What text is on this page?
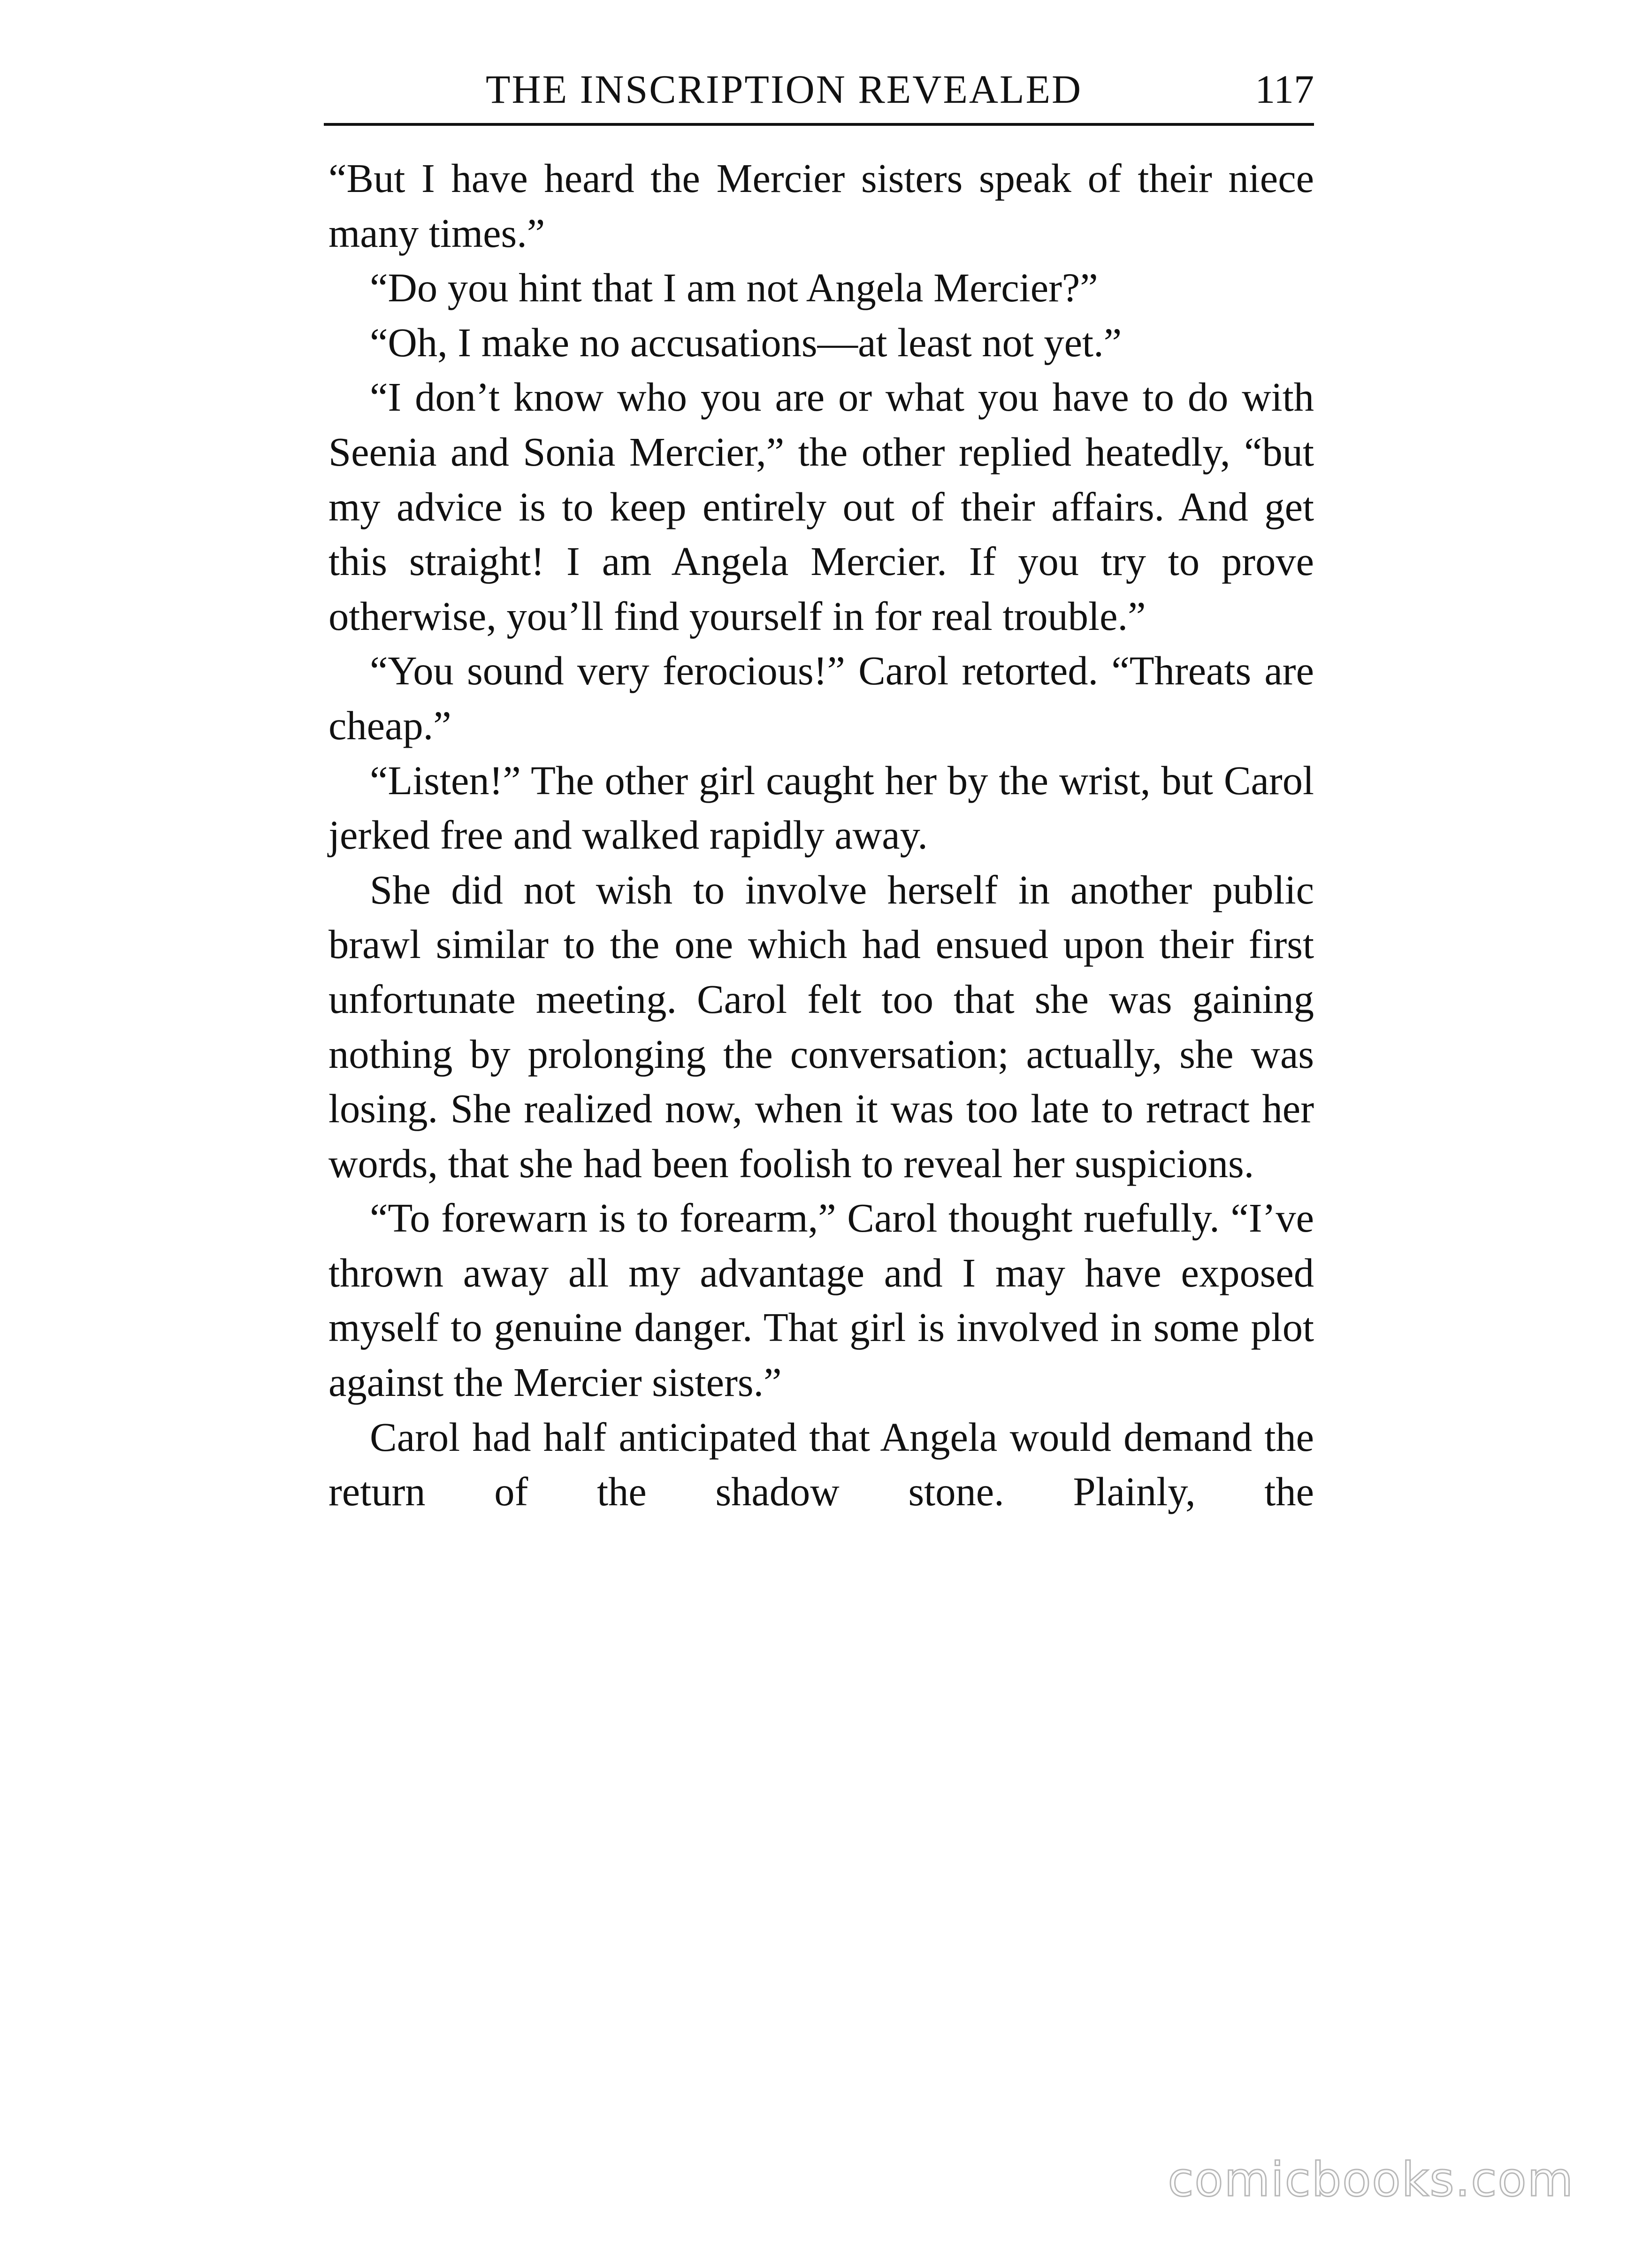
THE INSCRIPTION REVEALED	117

“But I have heard the Mercier sisters speak of their niece many times.”

“Do you hint that I am not Angela Mercier?”

“Oh, I make no accusations—at least not yet.”

“I don’t know who you are or what you have to do with Seenia and Sonia Mercier,” the other replied heatedly, “but my advice is to keep entirely out of their affairs. And get this straight! I am Angela Mercier. If you try to prove otherwise, you’ll find yourself in for real trouble.”

“You sound very ferocious!” Carol retorted. “Threats are cheap.”

“Listen!” The other girl caught her by the wrist, but Carol jerked free and walked rapidly away.

She did not wish to involve herself in another public brawl similar to the one which had ensued upon their first unfortunate meeting. Carol felt too that she was gaining nothing by prolonging the conversation; actually, she was losing. She realized now, when it was too late to retract her words, that she had been foolish to reveal her suspicions.

“To forewarn is to forearm,” Carol thought ruefully. “I’ve thrown away all my advantage and I may have exposed myself to genuine danger. That girl is involved in some plot against the Mercier sisters.”

Carol had half anticipated that Angela would demand the return of the shadow stone. Plainly, the

comicbooks.com
